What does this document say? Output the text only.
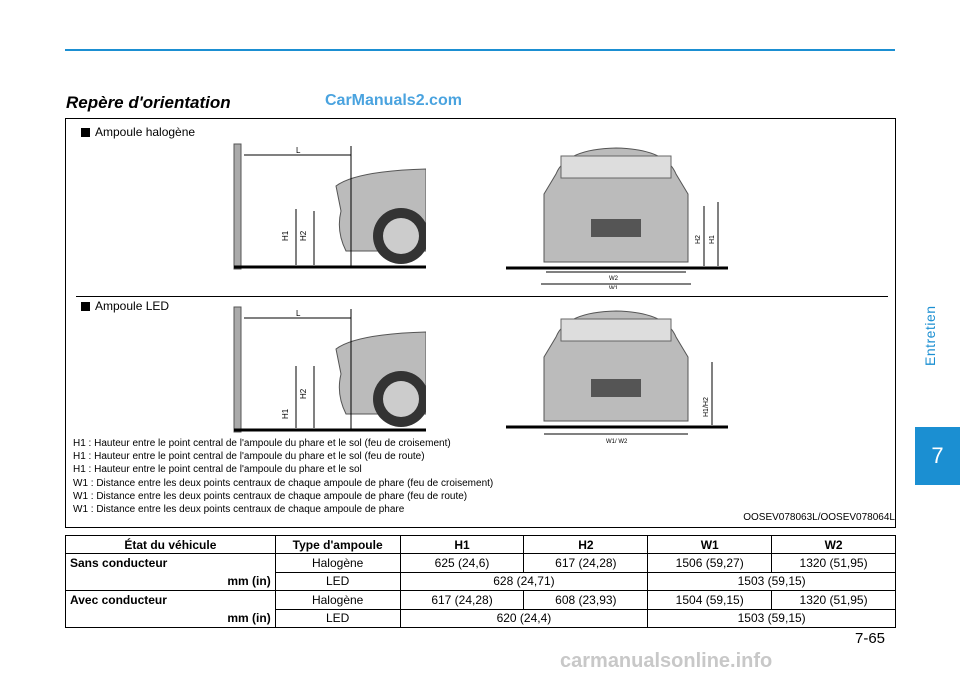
Repère d'orientation	CarManuals2.com
Ampoule halogène
Ampoule LED
L
H1 H2
W2
W1
H2 H1
L
H1
H2
W1/ W2
H1/H2
H1 : Hauteur entre le point central de l'ampoule du phare et le sol (feu de croisement)
H1 : Hauteur entre le point central de l'ampoule du phare et le sol (feu de route)
H1 : Hauteur entre le point central de l'ampoule du phare et le sol
W1 : Distance entre les deux points centraux de chaque ampoule de phare (feu de croisement)
W1 : Distance entre les deux points centraux de chaque ampoule de phare (feu de route)
W1 : Distance entre les deux points centraux de chaque ampoule de phare
OOSEV078063L/OOSEV078064L
État du véhicule	Type d'ampoule	H1	H2	W1	W2
Sans conducteur	Halogène	625 (24,6)	617 (24,28)	1506 (59,27)	1320 (51,95)
mm (in)	LED	628 (24,71)		1503 (59,15)	
Avec conducteur	Halogène	617 (24,28)	608 (23,93)	1504 (59,15)	1320 (51,95)
mm (in)	LED	620 (24,4)		1503 (59,15)	
Entretien
7
7-65
carmanualsonline.info
